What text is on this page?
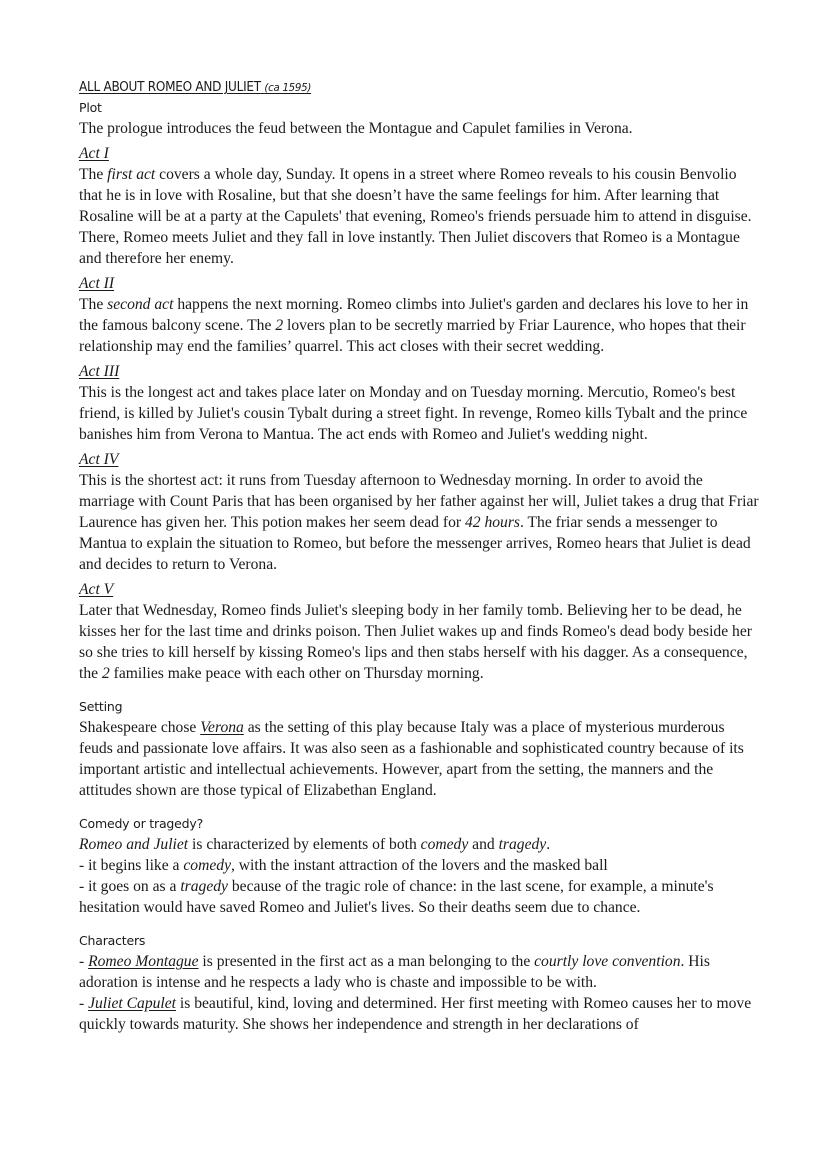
ALL ABOUT ROMEO AND JULIET (ca 1595)
Plot

The prologue introduces the feud between the Montague and Capulet families in Verona.

Act I

The first act covers a whole day, Sunday. It opens in a street where Romeo reveals to his cousin Benvolio that he is in love with Rosaline, but that she doesn’t have the same feelings for him. After learning that Rosaline will be at a party at the Capulets' that evening, Romeo's friends persuade him to attend in disguise. There, Romeo meets Juliet and they fall in love instantly. Then Juliet discovers that Romeo is a Montague and therefore her enemy.

Act II

The second act happens the next morning. Romeo climbs into Juliet's garden and declares his love to her in the famous balcony scene. The 2 lovers plan to be secretly married by Friar Laurence, who hopes that their relationship may end the families’ quarrel. This act closes with their secret wedding.

Act III

This is the longest act and takes place later on Monday and on Tuesday morning. Mercutio, Romeo's best friend, is killed by Juliet's cousin Tybalt during a street fight. In revenge, Romeo kills Tybalt and the prince banishes him from Verona to Mantua. The act ends with Romeo and Juliet's wedding night.

Act IV

This is the shortest act: it runs from Tuesday afternoon to Wednesday morning. In order to avoid the marriage with Count Paris that has been organised by her father against her will, Juliet takes a drug that Friar Laurence has given her. This potion makes her seem dead for 42 hours. The friar sends a messenger to Mantua to explain the situation to Romeo, but before the messenger arrives, Romeo hears that Juliet is dead and decides to return to Verona.

Act V

Later that Wednesday, Romeo finds Juliet's sleeping body in her family tomb. Believing her to be dead, he kisses her for the last time and drinks poison. Then Juliet wakes up and finds Romeo's dead body beside her so she tries to kill herself by kissing Romeo's lips and then stabs herself with his dagger. As a consequence, the 2 families make peace with each other on Thursday morning.

Setting

Shakespeare chose Verona as the setting of this play because Italy was a place of mysterious murderous feuds and passionate love affairs. It was also seen as a fashionable and sophisticated country because of its important artistic and intellectual achievements. However, apart from the setting, the manners and the attitudes shown are those typical of Elizabethan England.

Comedy or tragedy?

Romeo and Juliet is characterized by elements of both comedy and tragedy.

- it begins like a comedy, with the instant attraction of the lovers and the masked ball

- it goes on as a tragedy because of the tragic role of chance: in the last scene, for example, a minute's hesitation would have saved Romeo and Juliet's lives. So their deaths seem due to chance.

Characters

- Romeo Montague is presented in the first act as a man belonging to the courtly love convention. His adoration is intense and he respects a lady who is chaste and impossible to be with.

- Juliet Capulet is beautiful, kind, loving and determined. Her first meeting with Romeo causes her to move quickly towards maturity. She shows her independence and strength in her declarations of
